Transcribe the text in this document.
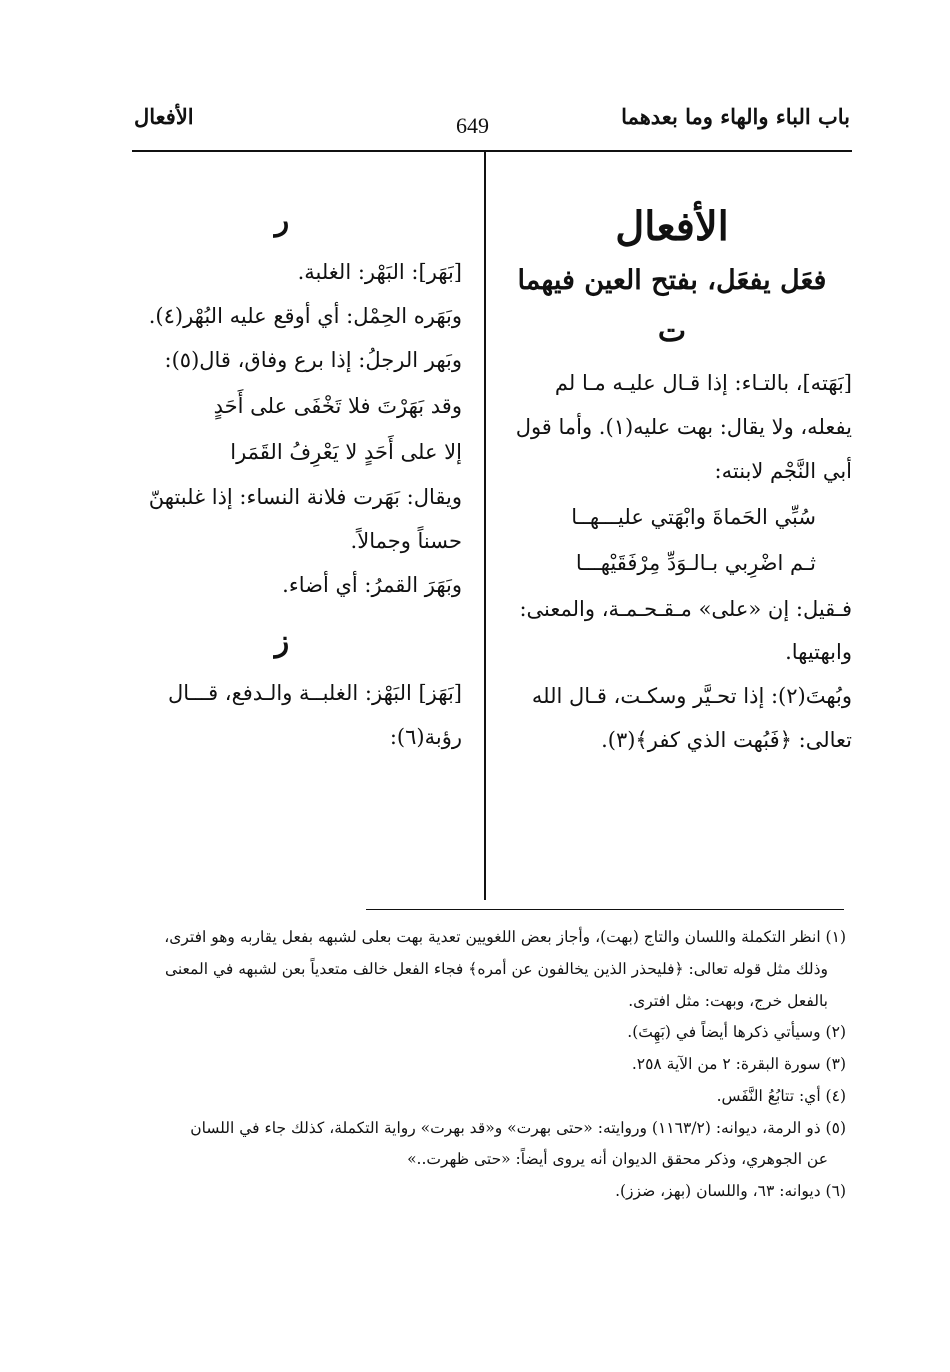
باب الباء والهاء وما بعدهما
649
الأفعال
الأفعال
فعَل يفعَل، بفتح العين فيهما
ت

[بَهَته]، بالتـاء: إذا قـال عليـه مـا لم

يفعله، ولا يقال: بهت عليه(١). وأما قول

أبي النَّجْم لابنته:

سُبِّي الحَماةَ وابْهَتي عليـــهــا

ثـم اضْرِبي بـالـوَدِّ مِرْفَقَيْهـــا

فـقيل: إن «على» مـقـحـمـة، والمعنى:

وابهتيها.

وبُهتَ(٢): إذا تحـيَّر وسكـت، قـال الله

تعالى: ﴿فَبُهت الذي كفر﴾(٣).

ر

[بَهَر]: البَهْر: الغلبة.

وبَهَره الحِمْل: أي أوقع عليه البُهْر(٤).

وبَهر الرجلُ: إذا برع وفاق، قال(٥):

وقد بَهَرْتَ فلا تَخْفَى على أَحَدٍ

إلا على أَحَدٍ لا يَعْرِفُ القَمَرا

ويقال: بَهَرت فلانة النساء: إذا غلبتهنّ

حسناً وجمالاً.

وبَهَرَ القمرُ: أي أضاء.

ز

[بَهَز] البَهْز: الغلبــة والـدفع، قـــال

رؤبة(٦):

(١) انظر التكملة واللسان والتاج (بهت)، وأجاز بعض اللغويين تعدية بهت بعلى لشبهه بفعل يقاربه وهو افترى،

وذلك مثل قوله تعالى: ﴿فليحذر الذين يخالفون عن أمره﴾ فجاء الفعل خالف متعدياً بعن لشبهه في المعنى

بالفعل خرج، وبهت: مثل افترى.

(٢) وسيأتي ذكرها أيضاً في (بَهِتَ).

(٣) سورة البقرة: ٢ من الآية ٢٥٨.

(٤) أي: تتابُعُ النَّفَس.

(٥) ذو الرمة، ديوانه: (١١٦٣/٢) وروايته: «حتى بهرت» و«قد بهرت» رواية التكملة، كذلك جاء في اللسان

عن الجوهري، وذكر محقق الديوان أنه يروى أيضاً: «حتى ظهرت..»

(٦) ديوانه: ٦٣، واللسان (بهز، ضزز).
